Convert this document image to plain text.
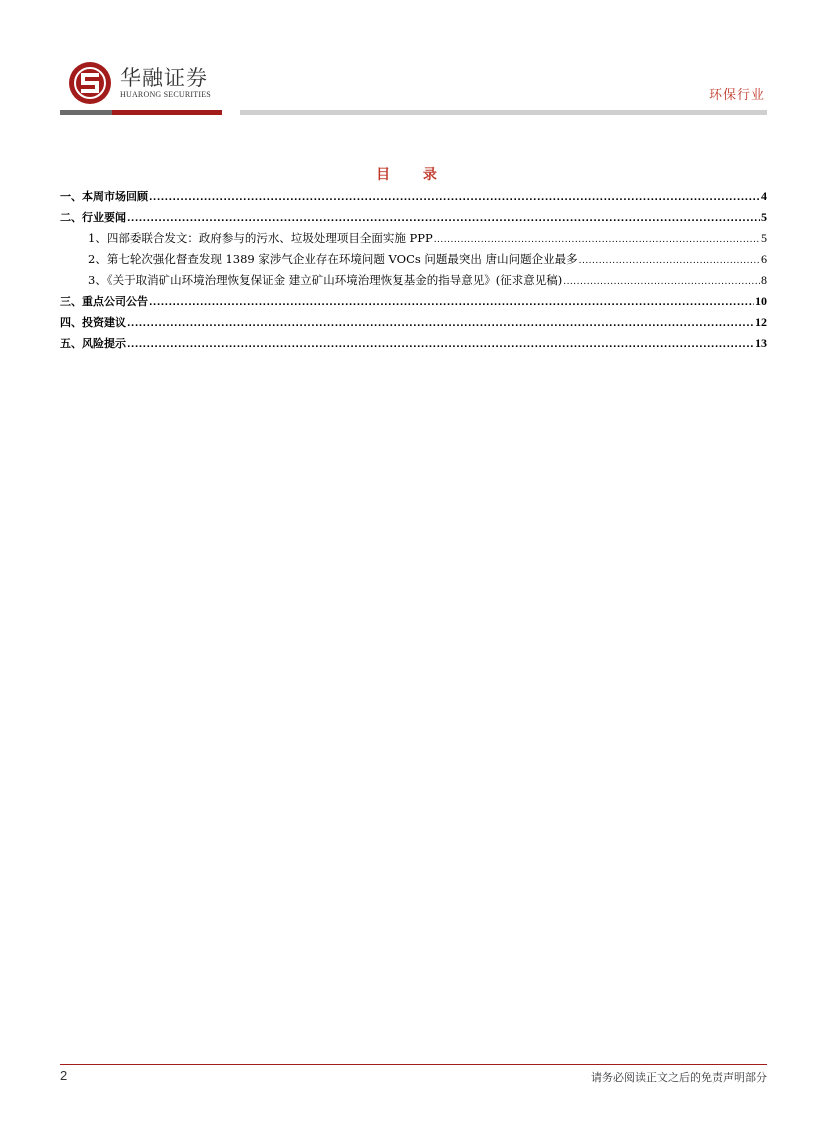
华融证券
HUARONG SECURITIES	环保行业
目 录
一、本周市场回顾 .....	4
二、行业要闻 .....	5
1、四部委联合发文：政府参与的污水、垃圾处理项目全面实施 PPP .....	5
2、第七轮次强化督查发现 1389 家涉气企业存在环境问题 VOCs 问题最突出 唐山问题企业最多 .....	6
3、《关于取消矿山环境治理恢复保证金 建立矿山环境治理恢复基金的指导意见》(征求意见稿) .....	8
三、重点公司公告 .....	10
四、投资建议 .....	12
五、风险提示 .....	13
2	请务必阅读正文之后的免责声明部分
